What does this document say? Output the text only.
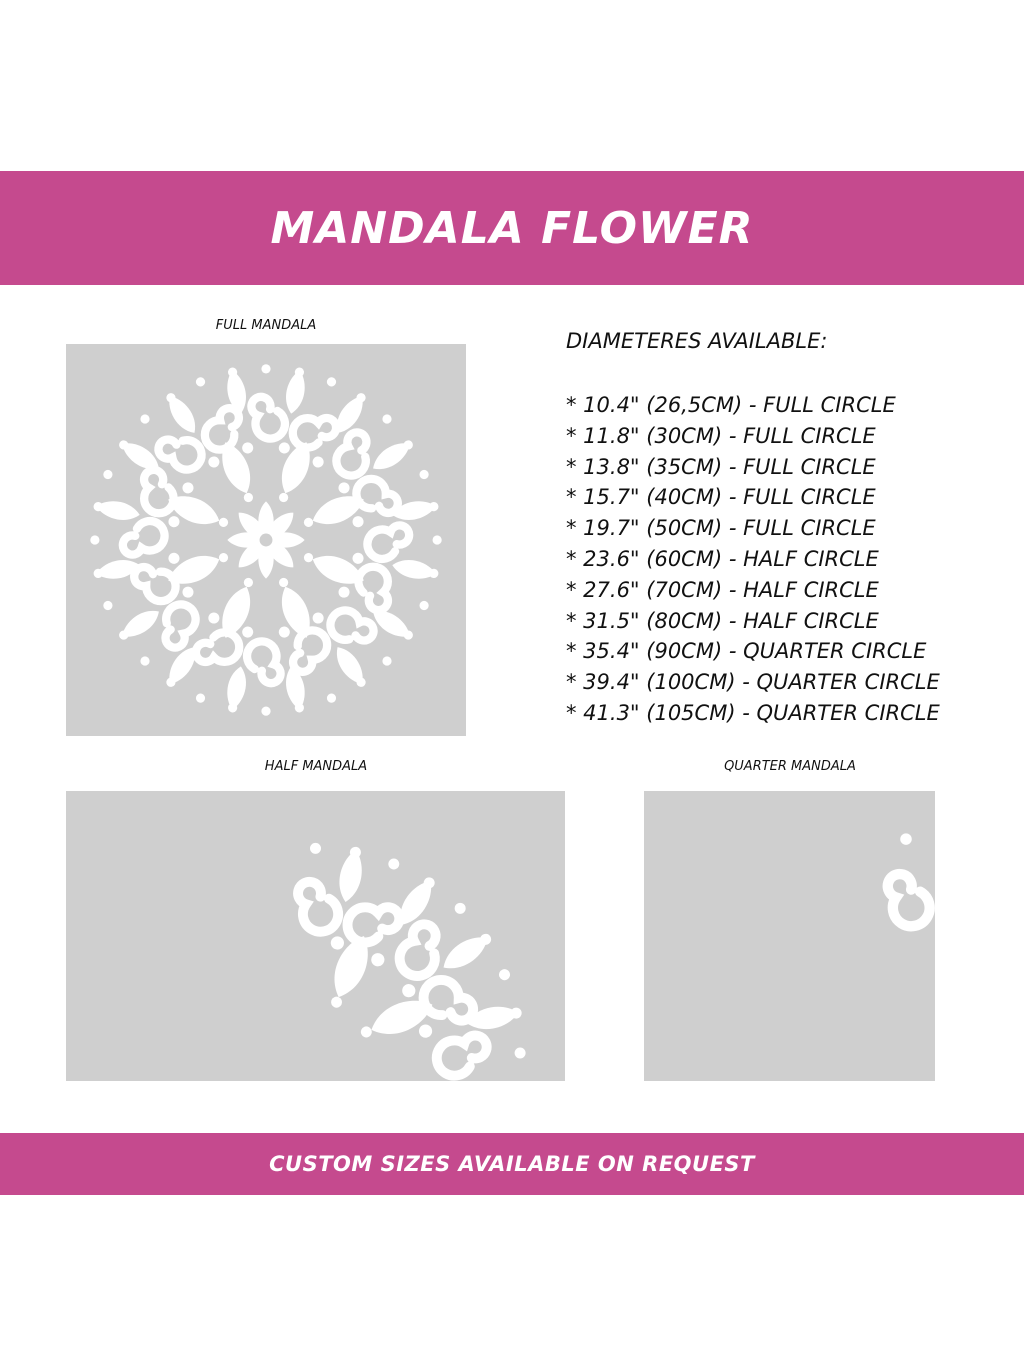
MANDALA FLOWER
FULL MANDALA
DIAMETERES AVAILABLE:
* 10.4" (26,5CM) - FULL CIRCLE
* 11.8" (30CM) - FULL CIRCLE
* 13.8" (35CM) - FULL CIRCLE
* 15.7" (40CM) - FULL CIRCLE
* 19.7" (50CM) - FULL CIRCLE
* 23.6" (60CM) - HALF CIRCLE
* 27.6" (70CM) - HALF CIRCLE
* 31.5" (80CM) - HALF CIRCLE
* 35.4" (90CM) - QUARTER CIRCLE
* 39.4" (100CM) - QUARTER CIRCLE
* 41.3" (105CM) - QUARTER CIRCLE
HALF MANDALA	QUARTER MANDALA
CUSTOM SIZES AVAILABLE ON REQUEST
